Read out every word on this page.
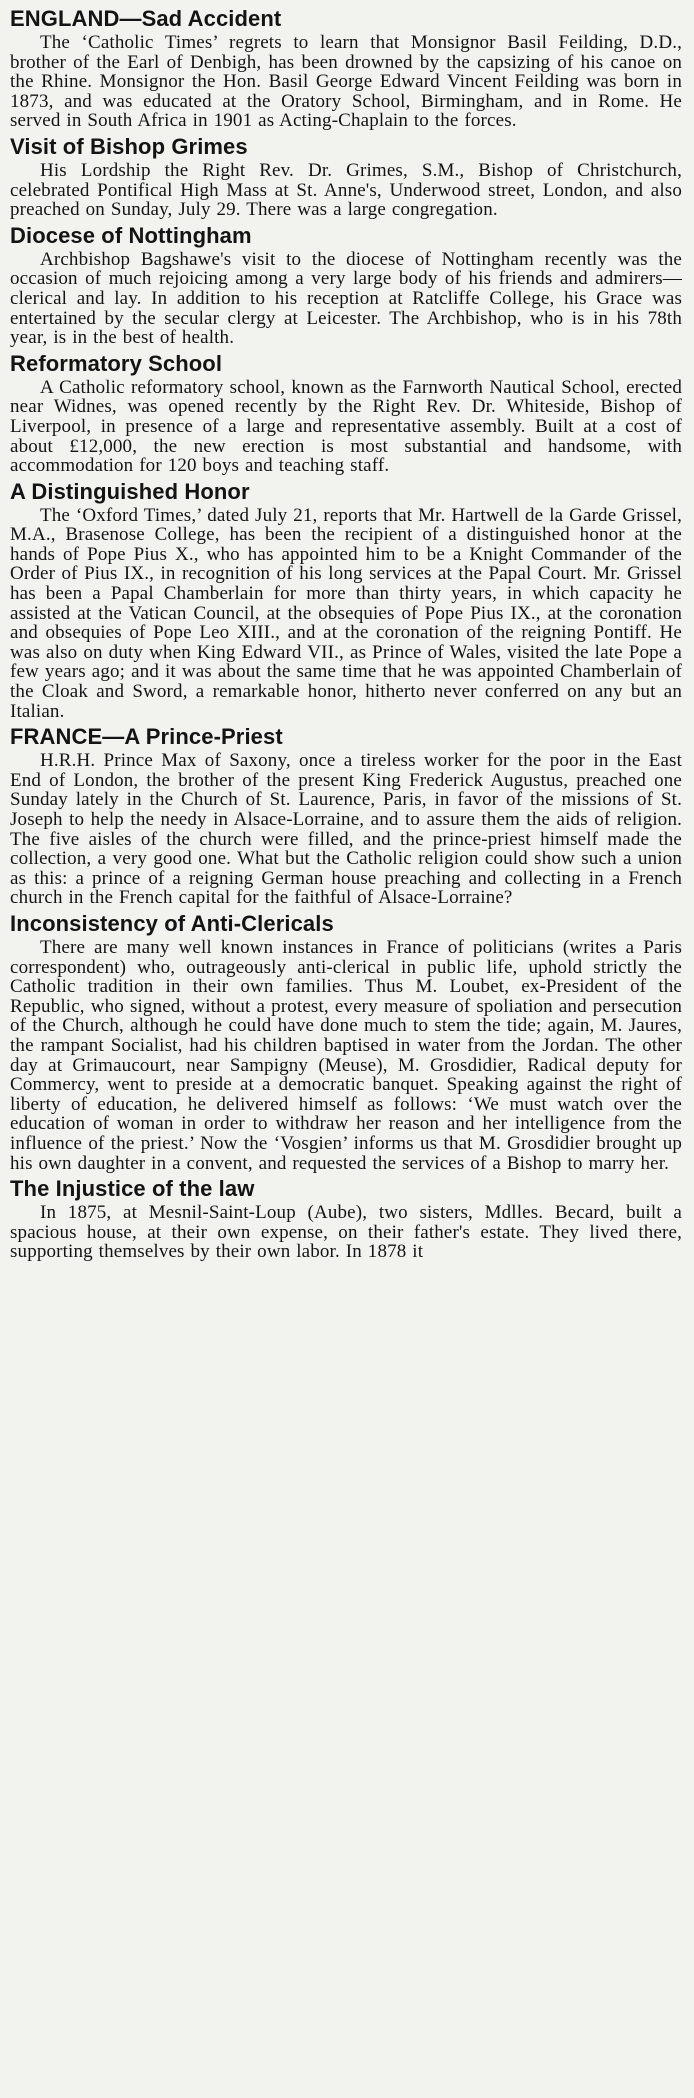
ENGLAND—Sad Accident

The ‘Catholic Times’ regrets to learn that Monsignor Basil Feilding, D.D., brother of the Earl of Denbigh, has been drowned by the capsizing of his canoe on the Rhine. Monsignor the Hon. Basil George Edward Vincent Feilding was born in 1873, and was educated at the Oratory School, Birmingham, and in Rome. He served in South Africa in 1901 as Acting-Chaplain to the forces.

Visit of Bishop Grimes

His Lordship the Right Rev. Dr. Grimes, S.M., Bishop of Christchurch, celebrated Pontifical High Mass at St. Anne's, Underwood street, London, and also preached on Sunday, July 29. There was a large congregation.

Diocese of Nottingham

Archbishop Bagshawe's visit to the diocese of Nottingham recently was the occasion of much rejoicing among a very large body of his friends and admirers—clerical and lay. In addition to his reception at Ratcliffe College, his Grace was entertained by the secular clergy at Leicester. The Archbishop, who is in his 78th year, is in the best of health.

Reformatory School

A Catholic reformatory school, known as the Farnworth Nautical School, erected near Widnes, was opened recently by the Right Rev. Dr. Whiteside, Bishop of Liverpool, in presence of a large and representative assembly. Built at a cost of about £12,000, the new erection is most substantial and handsome, with accommodation for 120 boys and teaching staff.

A Distinguished Honor

The ‘Oxford Times,’ dated July 21, reports that Mr. Hartwell de la Garde Grissel, M.A., Brasenose College, has been the recipient of a distinguished honor at the hands of Pope Pius X., who has appointed him to be a Knight Commander of the Order of Pius IX., in recognition of his long services at the Papal Court. Mr. Grissel has been a Papal Chamberlain for more than thirty years, in which capacity he assisted at the Vatican Council, at the obsequies of Pope Pius IX., at the coronation and obsequies of Pope Leo XIII., and at the coronation of the reigning Pontiff. He was also on duty when King Edward VII., as Prince of Wales, visited the late Pope a few years ago; and it was about the same time that he was appointed Chamberlain of the Cloak and Sword, a remarkable honor, hitherto never conferred on any but an Italian.

FRANCE—A Prince-Priest

H.R.H. Prince Max of Saxony, once a tireless worker for the poor in the East End of London, the brother of the present King Frederick Augustus, preached one Sunday lately in the Church of St. Laurence, Paris, in favor of the missions of St. Joseph to help the needy in Alsace-Lorraine, and to assure them the aids of religion. The five aisles of the church were filled, and the prince-priest himself made the collection, a very good one. What but the Catholic religion could show such a union as this: a prince of a reigning German house preaching and collecting in a French church in the French capital for the faithful of Alsace-Lorraine?

Inconsistency of Anti-Clericals

There are many well known instances in France of politicians (writes a Paris correspondent) who, outrageously anti-clerical in public life, uphold strictly the Catholic tradition in their own families. Thus M. Loubet, ex-President of the Republic, who signed, without a protest, every measure of spoliation and persecution of the Church, although he could have done much to stem the tide; again, M. Jaures, the rampant Socialist, had his children baptised in water from the Jordan. The other day at Grimaucourt, near Sampigny (Meuse), M. Grosdidier, Radical deputy for Commercy, went to preside at a democratic banquet. Speaking against the right of liberty of education, he delivered himself as follows: ‘We must watch over the education of woman in order to withdraw her reason and her intelligence from the influence of the priest.’ Now the ‘Vosgien’ informs us that M. Grosdidier brought up his own daughter in a convent, and requested the services of a Bishop to marry her.

The Injustice of the law

In 1875, at Mesnil-Saint-Loup (Aube), two sisters, Mdlles. Becard, built a spacious house, at their own expense, on their father's estate. They lived there, supporting themselves by their own labor. In 1878 it
